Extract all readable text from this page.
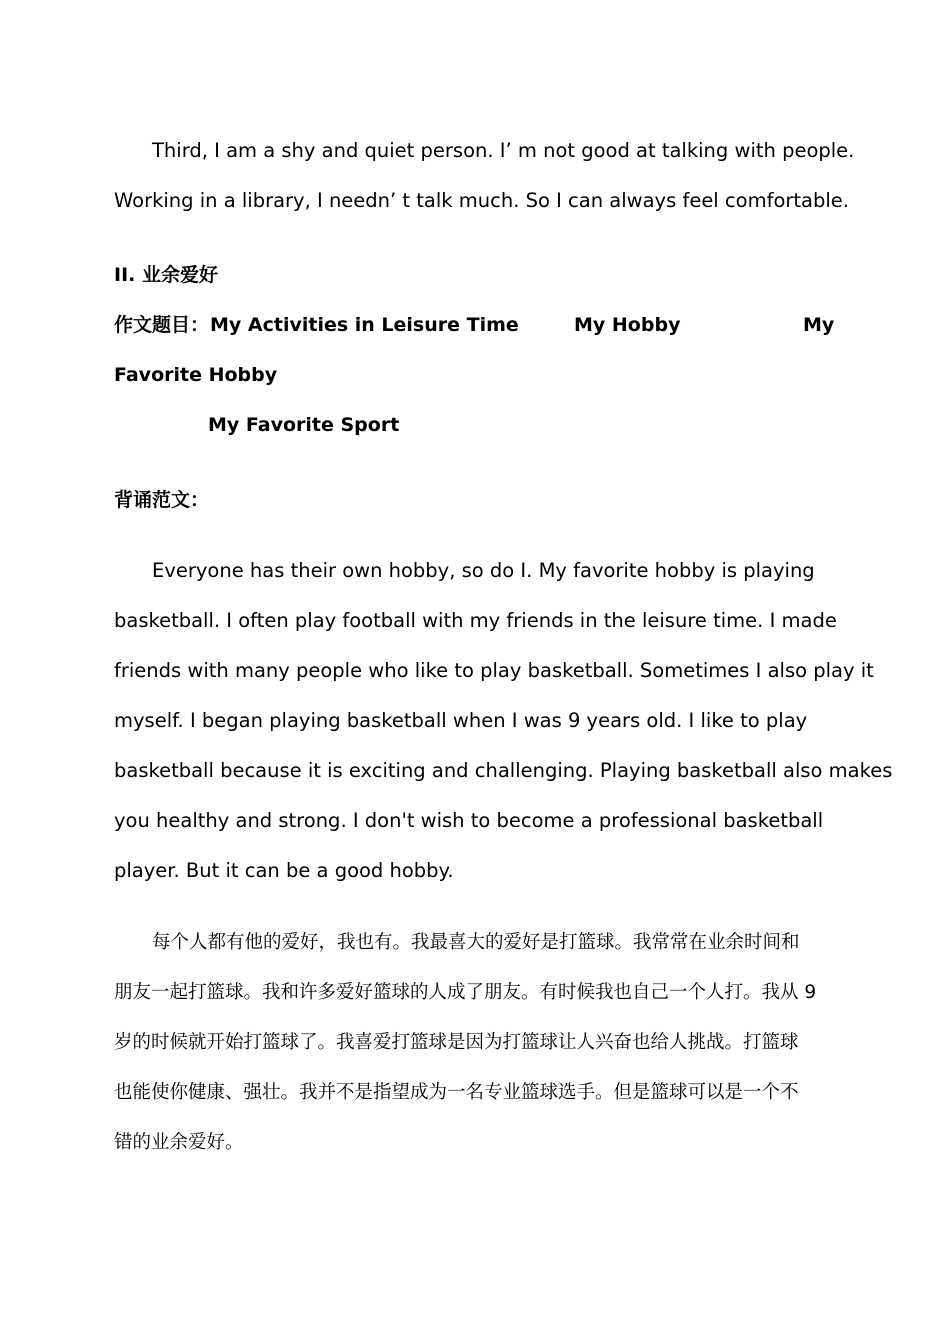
Third, I am a shy and quiet person. I’ m not good at talking with people.
Working in a library, I needn’ t talk much. So I can always feel comfortable.
II. 业余爱好
作文题目： My Activities in Leisure Time	My Hobby	My
Favorite Hobby
My Favorite Sport
背诵范文：
Everyone has their own hobby, so do I. My favorite hobby is playing
basketball. I often play football with my friends in the leisure time. I made
friends with many people who like to play basketball. Sometimes I also play it
myself. I began playing basketball when I was 9 years old. I like to play
basketball because it is exciting and challenging. Playing basketball also makes
you healthy and strong. I don't wish to become a professional basketball
player. But it can be a good hobby.
每个人都有他的爱好，我也有。我最喜大的爱好是打篮球。我常常在业余时间和
朋友一起打篮球。我和许多爱好篮球的人成了朋友。有时候我也自己一个人打。我从 9
岁的时候就开始打篮球了。我喜爱打篮球是因为打篮球让人兴奋也给人挑战。打篮球
也能使你健康、强壮。我并不是指望成为一名专业篮球选手。但是篮球可以是一个不
错的业余爱好。
